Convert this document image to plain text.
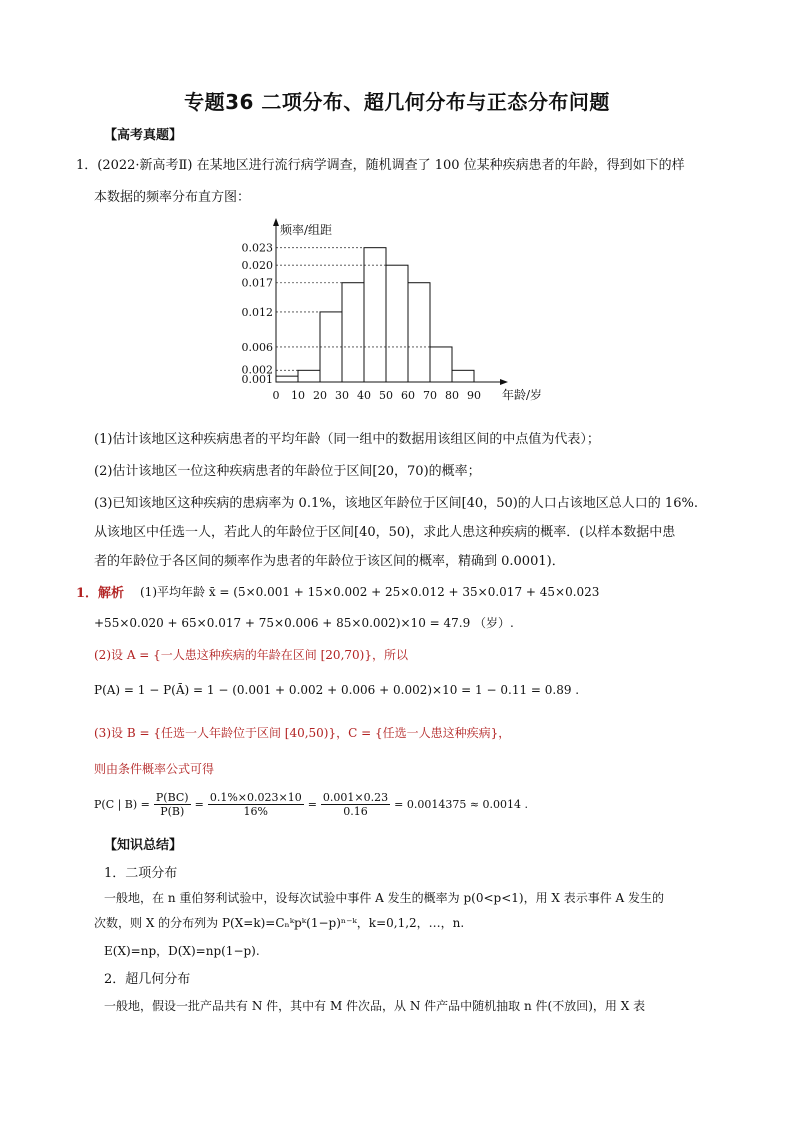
专题36 二项分布、超几何分布与正态分布问题
【高考真题】
1．(2022·新高考Ⅱ) 在某地区进行流行病学调查，随机调查了 100 位某种疾病患者的年龄，得到如下的样
本数据的频率分布直方图：
0.001
0.002
0.006
0.012
0.017
0.020
0.023
0 10 20 30 40 50 60 70 80 90
频率/组距
年龄/岁
(1)估计该地区这种疾病患者的平均年龄（同一组中的数据用该组区间的中点值为代表）；
(2)估计该地区一位这种疾病患者的年龄位于区间[20，70)的概率；
(3)已知该地区这种疾病的患病率为 0.1%，该地区年龄位于区间[40，50)的人口占该地区总人口的 16%.
从该地区中任选一人，若此人的年龄位于区间[40，50)，求此人患这种疾病的概率．(以样本数据中患
者的年龄位于各区间的频率作为患者的年龄位于该区间的概率，精确到 0.0001)．
1．解析 (1)平均年龄 x̄ = (5×0.001 + 15×0.002 + 25×0.012 + 35×0.017 + 45×0.023
+55×0.020 + 65×0.017 + 75×0.006 + 85×0.002)×10 = 47.9 （岁）.
(2)设 A = {一人患这种疾病的年龄在区间 [20,70)}，所以
P(A) = 1 − P(Ā) = 1 − (0.001 + 0.002 + 0.006 + 0.002)×10 = 1 − 0.11 = 0.89 .
(3)设 B = {任选一人年龄位于区间 [40,50)}，C = {任选一人患这种疾病}，
则由条件概率公式可得
P(C | $B) = \frac{P(BC)}{P(B)} = \frac{0.1\%\times 0.023\times 10}{16\%} = \frac{0.001\times 0.23}{0.16} = 0.0014375 \approx 0.0014$ .
【知识总结】
1．二项分布
一般地，在 n 重伯努利试验中，设每次试验中事件 A 发生的概率为 p(0<p<1)，用 X 表示事件 A 发生的
次数，则 X 的分布列为 P(X=k)=Cₙᵏpᵏ(1−p)ⁿ⁻ᵏ，k=0,1,2，…，n.
E(X)=np，D(X)=np(1−p).
2．超几何分布
一般地，假设一批产品共有 N 件，其中有 M 件次品，从 N 件产品中随机抽取 n 件(不放回)，用 X 表
